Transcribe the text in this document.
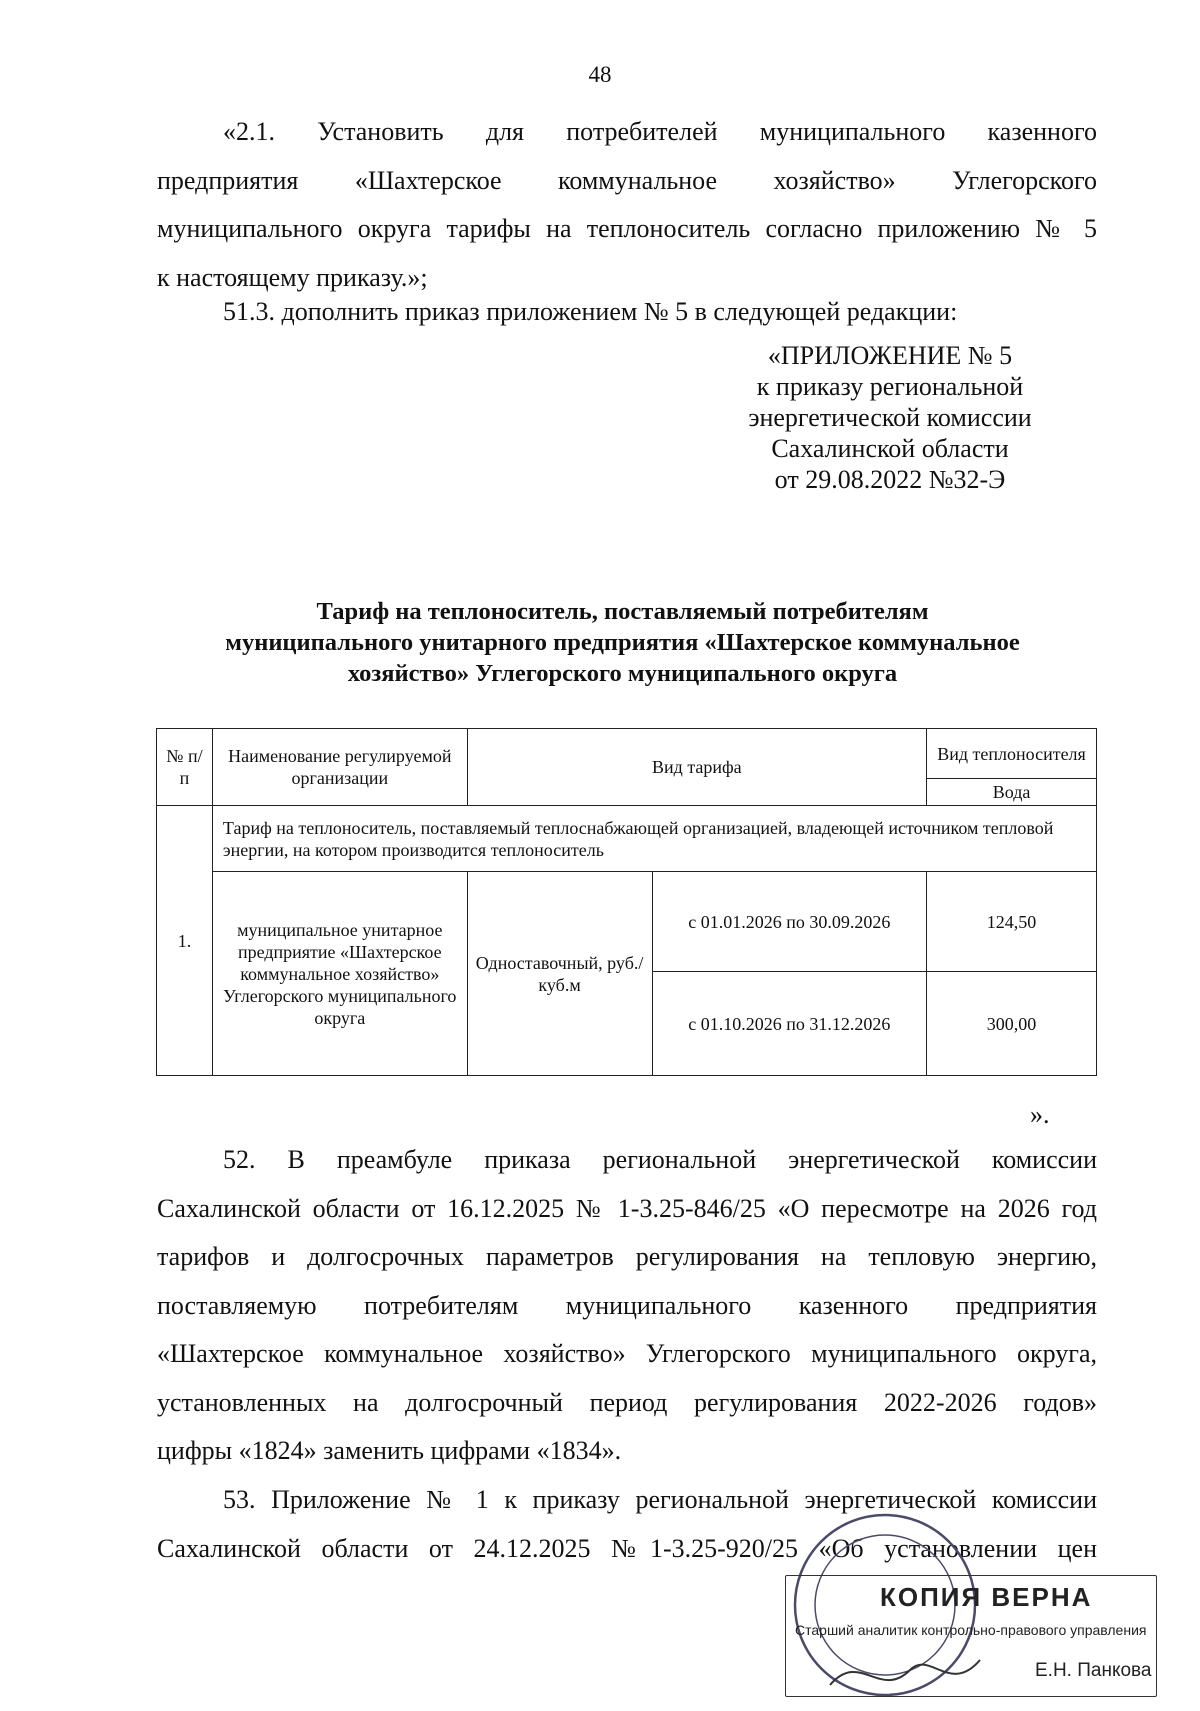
48
«2.1. Установить для потребителей муниципального казенного
предприятия «Шахтерское коммунальное хозяйство» Углегорского
муниципального округа тарифы на теплоноситель согласно приложению № 5
к настоящему приказу.»;
51.3. дополнить приказ приложением № 5 в следующей редакции:
«ПРИЛОЖЕНИЕ № 5
к приказу региональной
энергетической комиссии
Сахалинской области
от 29.08.2022 №32-Э
Тариф на теплоноситель, поставляемый потребителям
муниципального унитарного предприятия «Шахтерское коммунальное
хозяйство» Углегорского муниципального округа
№ п/п	Наименование регулируемой организации	Вид тарифа		Вид теплоносителя
				Вода
1.	Тариф на теплоноситель, поставляемый теплоснабжающей организацией, владеющей источником тепловой энергии, на котором производится теплоноситель			
	муниципальное унитарное предприятие «Шахтерское коммунальное хозяйство» Углегорского муниципального округа	Одноставочный, руб./куб.м	с 01.01.2026 по 30.09.2026	124,50
			с 01.10.2026 по 31.12.2026	300,00
».
52. В преамбуле приказа региональной энергетической комиссии
Сахалинской области от 16.12.2025 № 1-3.25-846/25 «О пересмотре на 2026 год
тарифов и долгосрочных параметров регулирования на тепловую энергию,
поставляемую потребителям муниципального казенного предприятия
«Шахтерское коммунальное хозяйство» Углегорского муниципального округа,
установленных на долгосрочный период регулирования 2022-2026 годов»
цифры «1824» заменить цифрами «1834».
53. Приложение № 1 к приказу региональной энергетической комиссии
Сахалинской области от 24.12.2025 №1-3.25-920/25 «Об установлении цен
КОПИЯ ВЕРНА
Старший аналитик контрольно-правового управления
Е.Н. Панкова
